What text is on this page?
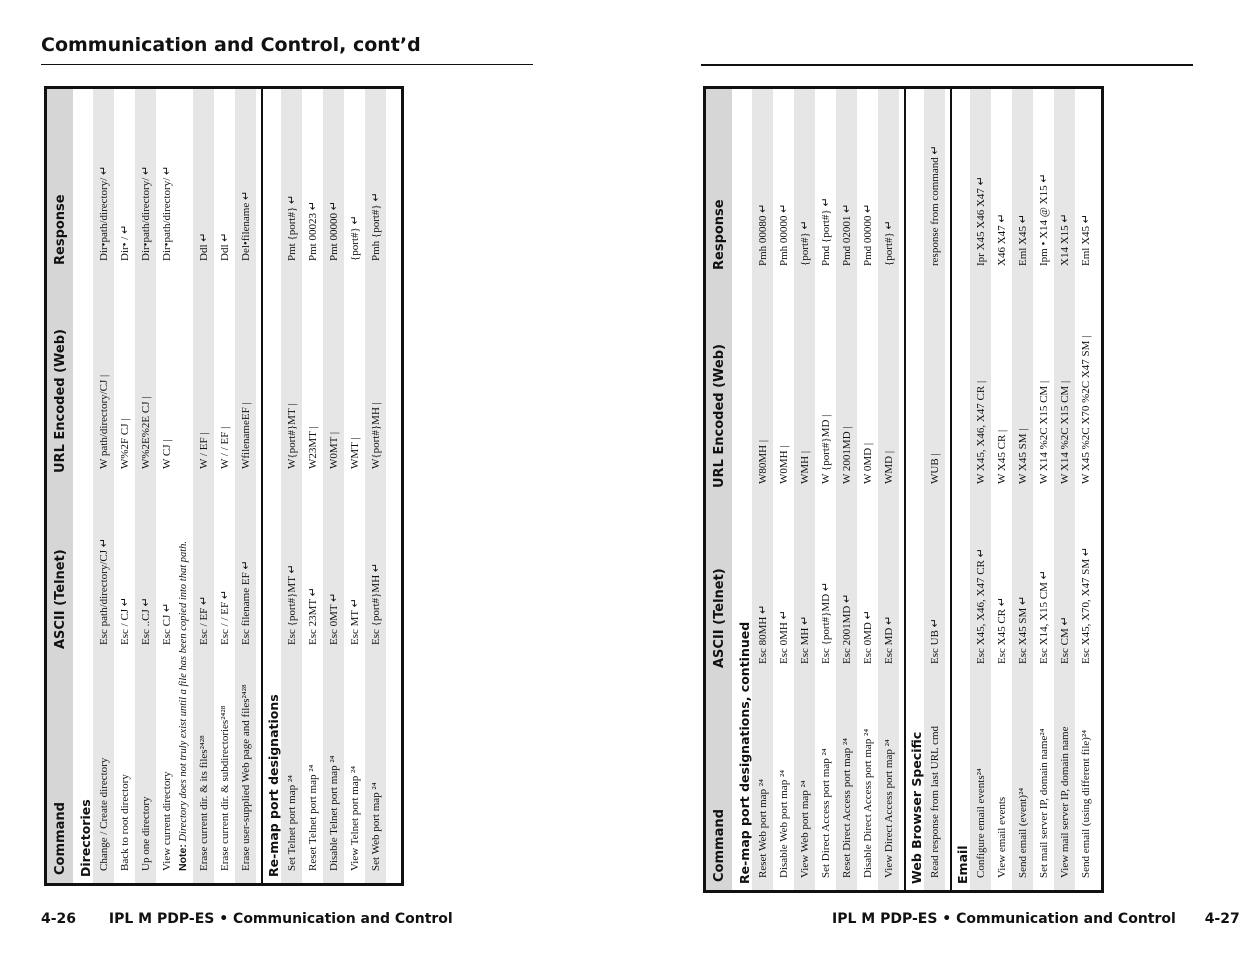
Communication and Control, cont’d
Command
ASCII (Telnet)
URL Encoded (Web)
Response
Directories Change / Create directory
Esc path/directory/CJ ↵
W path/directory/CJ |
Dir•path/directory/ ↵
Back to root directory
Esc / CJ ↵
W%2F CJ |
Dir• / ↵
Up one directory
Esc ..CJ ↵
W%2E%2E CJ |
Dir•path/directory/ ↵
View current directory
Esc CJ ↵
W CJ |
Dir•path/directory/ ↵
Note: Directory does not truly exist until a file has been copied into that path. Erase current dir. & its files²⁴²⁸
Esc / EF ↵
W / EF |
Ddl ↵
Erase current dir. & subdirectories²⁴²⁸
Esc / / EF ↵
W / / EF |
Ddl ↵
Erase user-supplied Web page and files²⁴²⁸
Esc filename EF ↵
WfilenameEF |
Del•filename ↵
Re-map port designations Set Telnet port map ²⁴
Esc {port#}MT ↵
W{port#}MT |
Pmt {port#} ↵
Reset Telnet port map ²⁴
Esc 23MT ↵
W23MT |
Pmt 00023 ↵
Disable Telnet port map ²⁴
Esc 0MT ↵
W0MT |
Pmt 00000 ↵
View Telnet port map ²⁴
Esc MT ↵
WMT |
{port#} ↵
Set Web port map ²⁴
Esc {port#}MH ↵
W{port#}MH |
Pmh {port#} ↵
Command
ASCII (Telnet)
URL Encoded (Web)
Response
Re-map port designations, continued Reset Web port map ²⁴
Esc 80MH ↵
W80MH |
Pmh 00080 ↵
Disable Web port map ²⁴
Esc 0MH ↵
W0MH |
Pmh 00000 ↵
View Web port map ²⁴
Esc MH ↵
WMH |
{port#} ↵
Set Direct Access port map ²⁴
Esc {port#}MD ↵
W {port#}MD |
Pmd {port#} ↵
Reset Direct Access port map ²⁴
Esc 2001MD ↵
W 2001MD |
Pmd 02001 ↵
Disable Direct Access port map ²⁴
Esc 0MD ↵
W 0MD |
Pmd 00000 ↵
View Direct Access port map ²⁴
Esc MD ↵
WMD |
{port#} ↵
Web Browser Specific Read response from last URL cmd
Esc UB ↵
WUB |
response from command ↵
Email Configure email events²⁴
Esc X45, X46, X47 CR ↵
W X45, X46, X47 CR |
Ipr X45 X46 X47 ↵
View email events
Esc X45 CR ↵
W X45 CR |
X46 X47 ↵
Send email (event)²⁴
Esc X45 SM ↵
W X45 SM |
Eml X45 ↵
Set mail server IP, domain name²⁴
Esc X14, X15 CM ↵
W X14 %2C X15 CM |
Ipm • X14 @ X15 ↵
View mail server IP, domain name
Esc CM ↵
W X14 %2C X15 CM |
X14 X15 ↵
Send email (using different file)²⁴
Esc X45, X70, X47 SM ↵
W X45 %2C X70 %2C X47 SM |
Eml X45 ↵
4-26 IPL M PDP-ES • Communication and Control	IPL M PDP-ES • Communication and Control 4-27
